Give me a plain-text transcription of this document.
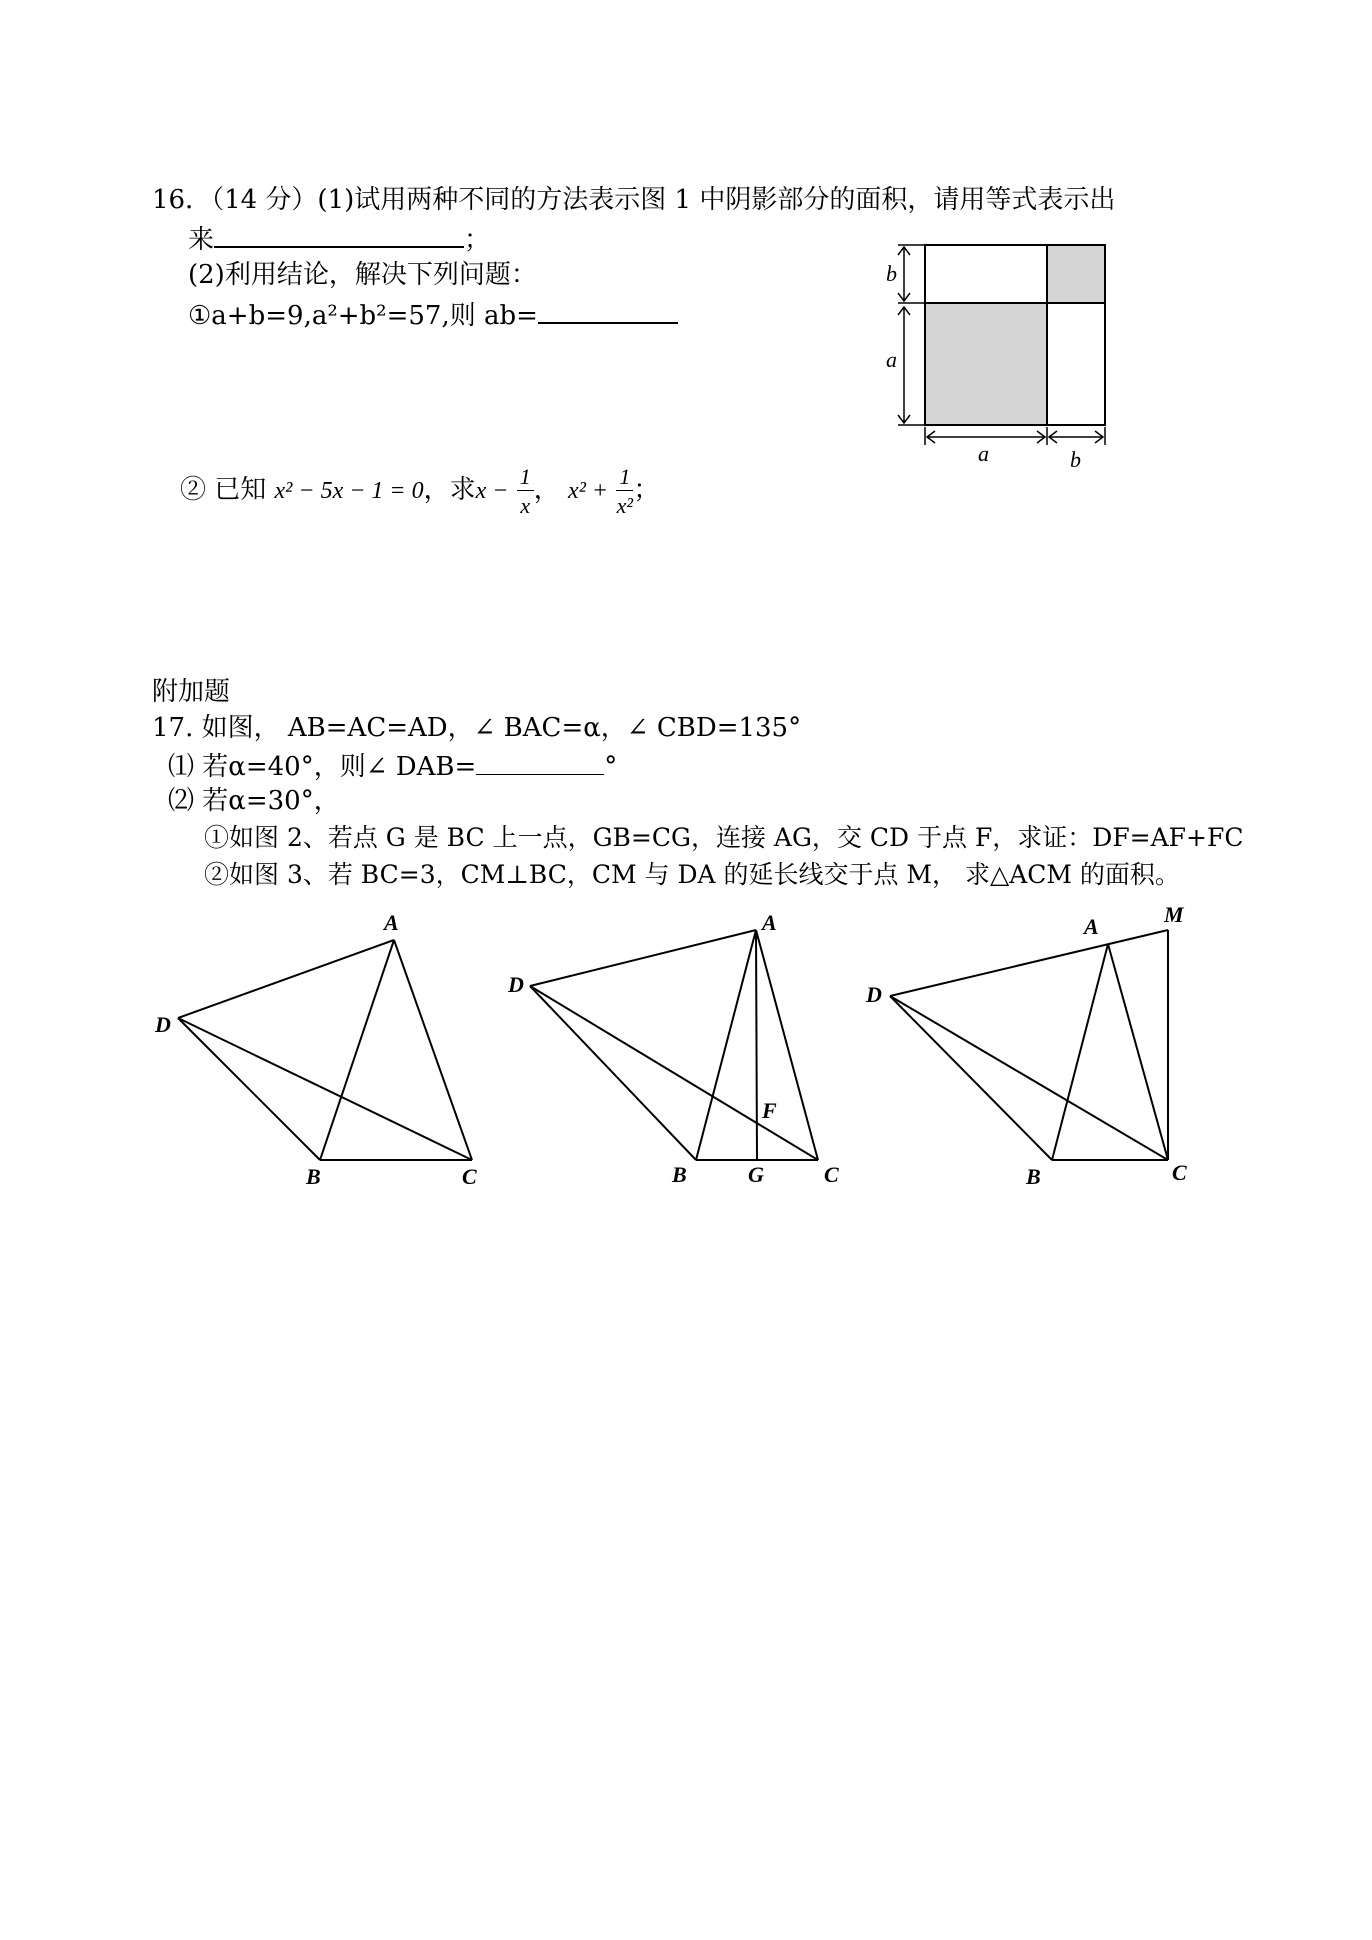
16．（14 分）(1)试用两种不同的方法表示图 1 中阴影部分的面积，请用等式表示出
来	；
(2)利用结论，解决下列问题：
①a+b=9,a²+b²=57,则 ab=
② 已知 x² − 5x − 1 = 0，求$x - \frac{1}{x}$ ， $x^2 + \frac{1}{\text{x²}}$ ；
b
a
a	b
附加题
17. 如图， AB=AC=AD，∠ BAC=α，∠ CBD=135°
⑴ 若α=40°，则∠ DAB=	°
⑵ 若α=30°，
①如图 2、若点 G 是 BC 上一点，GB=CG，连接 AG，交 CD 于点 F，求证：DF=AF+FC
②如图 3、若 BC=3，CM⊥BC，CM 与 DA 的延长线交于点 M， 求△ACM 的面积。
A
D
B	C
A
D
F
B	G	C
A	M
D
B	C
